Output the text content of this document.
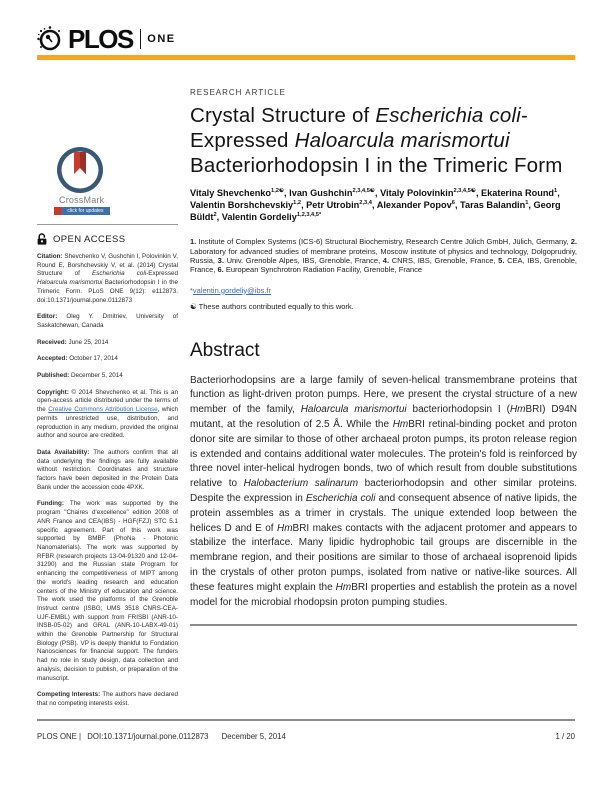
PLOS ONE
CrossMark
click for updates
OPEN ACCESS

Citation: Shevchenko V, Gushchin I, Polovinkin V, Round E, Borshchevskiy V, et al. (2014) Crystal Structure of Escherichia coli-Expressed Haloarcula marismortui Bacteriorhodopsin I in the Trimeric Form. PLoS ONE 9(12): e112873. doi:10.1371/journal.pone.0112873

Editor: Oleg Y. Dmitriev, University of Saskatchewan, Canada

Received: June 25, 2014

Accepted: October 17, 2014

Published: December 5, 2014

Copyright: © 2014 Shevchenko et al. This is an open-access article distributed under the terms of the Creative Commons Attribution License, which permits unrestricted use, distribution, and reproduction in any medium, provided the original author and source are credited.

Data Availability: The authors confirm that all data underlying the findings are fully available without restriction. Coordinates and structure factors have been deposited in the Protein Data Bank under the accession code 4PXK.

Funding: The work was supported by the program "Chaires d'excellence" edition 2008 of ANR France and CEA(IBS) - HGF(FZJ) STC 5.1 specific agreement. Part of this work was supported by BMBF (PhoNa - Photonic Nanomaterials). The work was supported by RFBR (research projects 13-04-91320 and 12-04-31290) and the Russian state Program for enhancing the competitiveness of MIPT among the world's leading research and education centers of the Ministry of education and science. The work used the platforms of the Grenoble Instruct centre (ISBG; UMS 3518 CNRS-CEA-UJF-EMBL) with support from FRISBI (ANR-10-INSB-05-02) and GRAL (ANR-10-LABX-49-01) within the Grenoble Partnership for Structural Biology (PSB). VP is deeply thankful to Fondation Nanosciences for financial support. The funders had no role in study design, data collection and analysis, decision to publish, or preparation of the manuscript.

Competing Interests: The authors have declared that no competing interests exist.

RESEARCH ARTICLE
Crystal Structure of Escherichia coli-
Expressed Haloarcula marismortui
Bacteriorhodopsin I in the Trimeric Form

Vitaly Shevchenko$^{1,2☯}$, Ivan Gushchin$^{2,3,4,5☯}$, Vitaly Polovinkin$^{2,3,4,5☯}$, Ekaterina Round$^1$, Valentin Borshchevskiy$^{1,2}$, Petr Utrobin$^{2,3,4}$, Alexander Popov$^6$, Taras Balandin$^1$, Georg Büldt$^2$, Valentin Gordeliy$^{1,2,3,4,5*}$

1. Institute of Complex Systems (ICS-6) Structural Biochemistry, Research Centre Jülich GmbH, Jülich, Germany, 2. Laboratory for advanced studies of membrane proteins, Moscow institute of physics and technology, Dolgoprudniy, Russia, 3. Univ. Grenoble Alpes, IBS, Grenoble, France, 4. CNRS, IBS, Grenoble, France, 5. CEA, IBS, Grenoble, France, 6. European Synchrotron Radiation Facility, Grenoble, France

*valentin.gordeliy@ibs.fr

☯ These authors contributed equally to this work.

Abstract

Bacteriorhodopsins are a large family of seven-helical transmembrane proteins that function as light-driven proton pumps. Here, we present the crystal structure of a new member of the family, Haloarcula marismortui bacteriorhodopsin I (HmBRI) D94N mutant, at the resolution of 2.5 Å. While the HmBRI retinal-binding pocket and proton donor site are similar to those of other archaeal proton pumps, its proton release region is extended and contains additional water molecules. The protein's fold is reinforced by three novel inter-helical hydrogen bonds, two of which result from double substitutions relative to Halobacterium salinarum bacteriorhodopsin and other similar proteins. Despite the expression in Escherichia coli and consequent absence of native lipids, the protein assembles as a trimer in crystals. The unique extended loop between the helices D and E of HmBRI makes contacts with the adjacent protomer and appears to stabilize the interface. Many lipidic hydrophobic tail groups are discernible in the membrane region, and their positions are similar to those of archaeal isoprenoid lipids in the crystals of other proton pumps, isolated from native or native-like sources. All these features might explain the HmBRI properties and establish the protein as a novel model for the microbial rhodopsin proton pumping studies.

PLOS ONE | DOI:10.1371/journal.pone.0112873 December 5, 2014	1 / 20
